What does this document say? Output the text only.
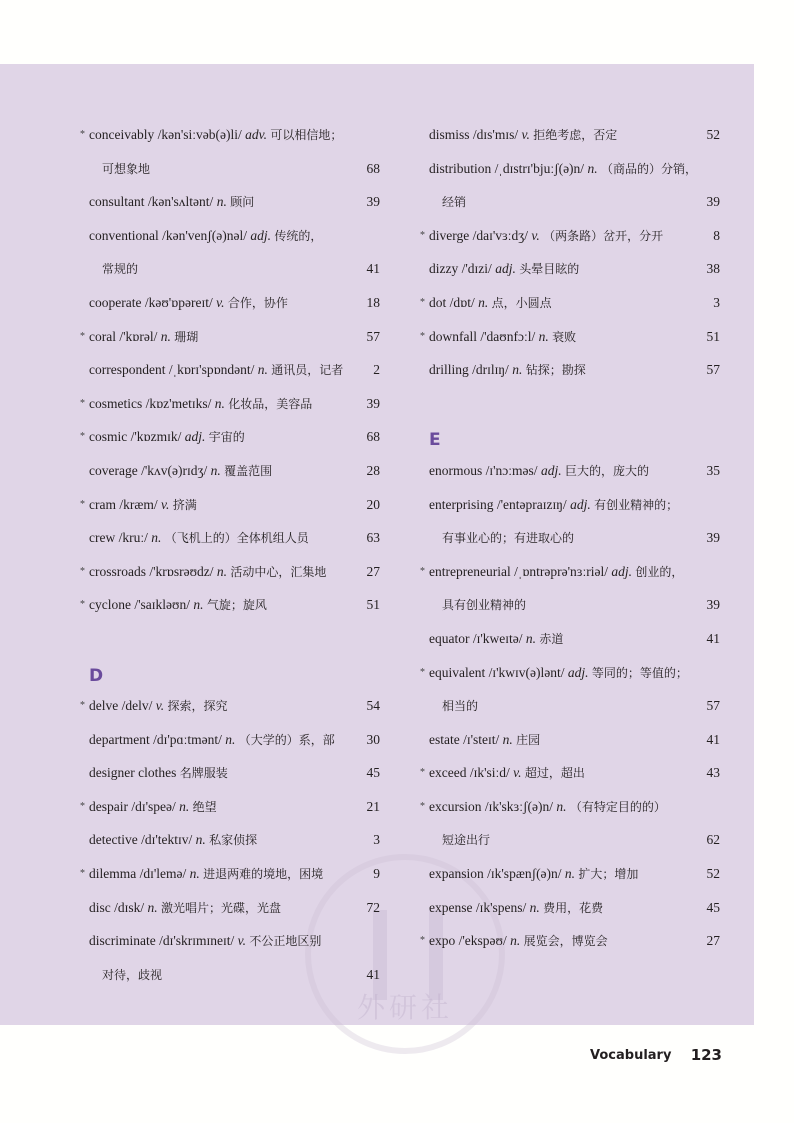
外研社
* conceivably /kən'siːvəb(ə)li/ adv. 可以相信地；
可想象地	68
consultant /kən'sʌltənt/ n. 顾问	39
conventional /kən'venʃ(ə)nəl/ adj. 传统的，
常规的	41
cooperate /kəʊ'ɒpəreɪt/ v. 合作，协作	18
* coral /'kɒrəl/ n. 珊瑚	57
correspondent /ˌkɒrɪ'spɒndənt/ n. 通讯员，记者 2
* cosmetics /kɒz'metɪks/ n. 化妆品，美容品	39
* cosmic /'kɒzmɪk/ adj. 宇宙的	68
coverage /'kʌv(ə)rɪdʒ/ n. 覆盖范围	28
* cram /kræm/ v. 挤满	20
crew /kruː/ n. （飞机上的）全体机组人员	63
* crossroads /'krɒsrəʊdz/ n. 活动中心，汇集地	27
* cyclone /'saɪkləʊn/ n. 气旋；旋风	51
D
* delve /delv/ v. 探索，探究	54
department /dɪ'pɑːtmənt/ n. （大学的）系，部 30
designer clothes 名牌服装	45
* despair /dɪ'speə/ n. 绝望	21
detective /dɪ'tektɪv/ n. 私家侦探	3
* dilemma /dɪ'lemə/ n. 进退两难的境地，困境	9
disc /dɪsk/ n. 激光唱片；光碟，光盘	72
discriminate /dɪ'skrɪmɪneɪt/ v. 不公正地区别
对待，歧视	41
dismiss /dɪs'mɪs/ v. 拒绝考虑，否定	52
distribution /ˌdɪstrɪ'bjuːʃ(ə)n/ n. （商品的）分销，
经销	39
* diverge /daɪ'vɜːdʒ/ v. （两条路）岔开，分开	8
dizzy /'dɪzi/ adj. 头晕目眩的	38
* dot /dɒt/ n. 点，小圆点	3
* downfall /'daʊnfɔːl/ n. 衰败	51
drilling /drɪlɪŋ/ n. 钻探；勘探	57
E
enormous /ɪ'nɔːməs/ adj. 巨大的，庞大的	35
enterprising /'entəpraɪzɪŋ/ adj. 有创业精神的；
有事业心的；有进取心的	39
* entrepreneurial /ˌɒntrəprə'nɜːriəl/ adj. 创业的，
具有创业精神的	39
equator /ɪ'kweɪtə/ n. 赤道	41
* equivalent /ɪ'kwɪv(ə)lənt/ adj. 等同的；等值的；
相当的	57
estate /ɪ'steɪt/ n. 庄园	41
* exceed /ɪk'siːd/ v. 超过，超出	43
* excursion /ɪk'skɜːʃ(ə)n/ n. （有特定目的的）
短途出行	62
expansion /ɪk'spænʃ(ə)n/ n. 扩大；增加	52
expense /ɪk'spens/ n. 费用，花费	45
* expo /'ekspəʊ/ n. 展览会，博览会	27
Vocabulary 123
